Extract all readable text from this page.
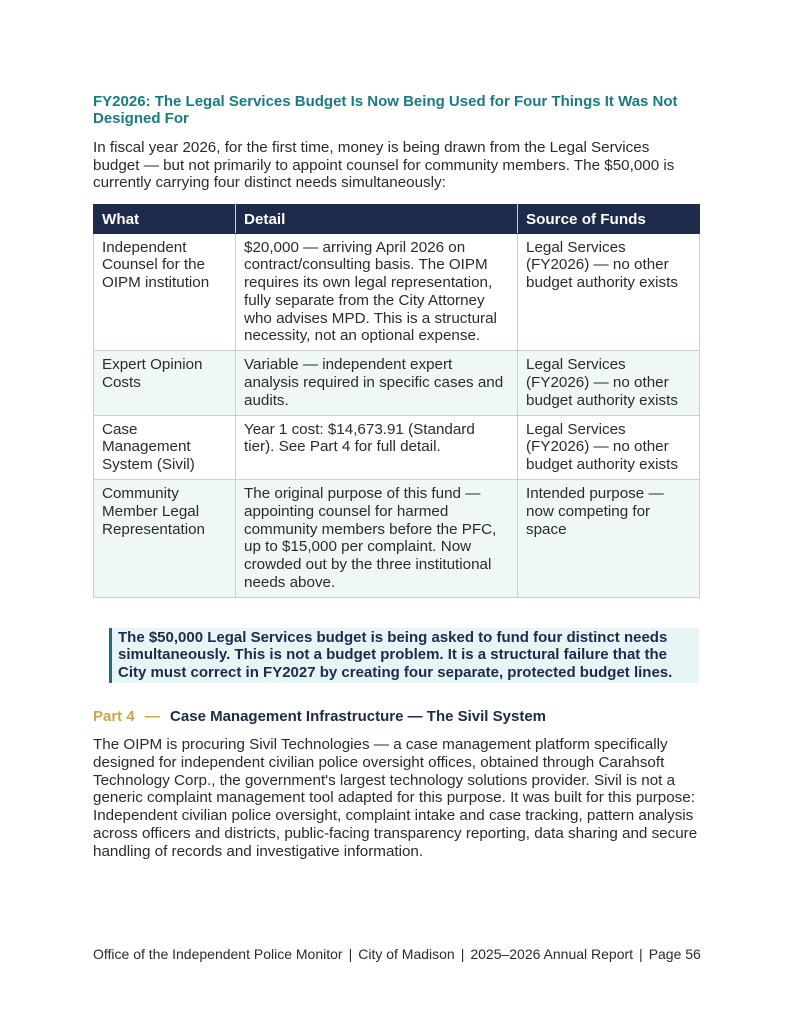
FY2026: The Legal Services Budget Is Now Being Used for Four Things It Was Not Designed For

In fiscal year 2026, for the first time, money is being drawn from the Legal Services budget — but not primarily to appoint counsel for community members. The $50,000 is currently carrying four distinct needs simultaneously:

What	Detail	Source of Funds
Independent Counsel for the OIPM institution	$20,000 — arriving April 2026 on contract/consulting basis. The OIPM requires its own legal representation, fully separate from the City Attorney who advises MPD. This is a structural necessity, not an optional expense.	Legal Services (FY2026) — no other budget authority exists
Expert Opinion Costs	Variable — independent expert analysis required in specific cases and audits.	Legal Services (FY2026) — no other budget authority exists
Case Management System (Sivil)	Year 1 cost: $14,673.91 (Standard tier). See Part 4 for full detail.	Legal Services (FY2026) — no other budget authority exists
Community Member Legal Representation	The original purpose of this fund — appointing counsel for harmed community members before the PFC, up to $15,000 per complaint. Now crowded out by the three institutional needs above.	Intended purpose — now competing for space
The $50,000 Legal Services budget is being asked to fund four distinct needs simultaneously. This is not a budget problem. It is a structural failure that the City must correct in FY2027 by creating four separate, protected budget lines.
Part 4 — Case Management Infrastructure — The Sivil System

The OIPM is procuring Sivil Technologies — a case management platform specifically designed for independent civilian police oversight offices, obtained through Carahsoft Technology Corp., the government's largest technology solutions provider. Sivil is not a generic complaint management tool adapted for this purpose. It was built for this purpose: Independent civilian police oversight, complaint intake and case tracking, pattern analysis across officers and districts, public-facing transparency reporting, data sharing and secure handling of records and investigative information.

Office of the Independent Police Monitor | City of Madison | 2025–2026 Annual Report | Page 56
